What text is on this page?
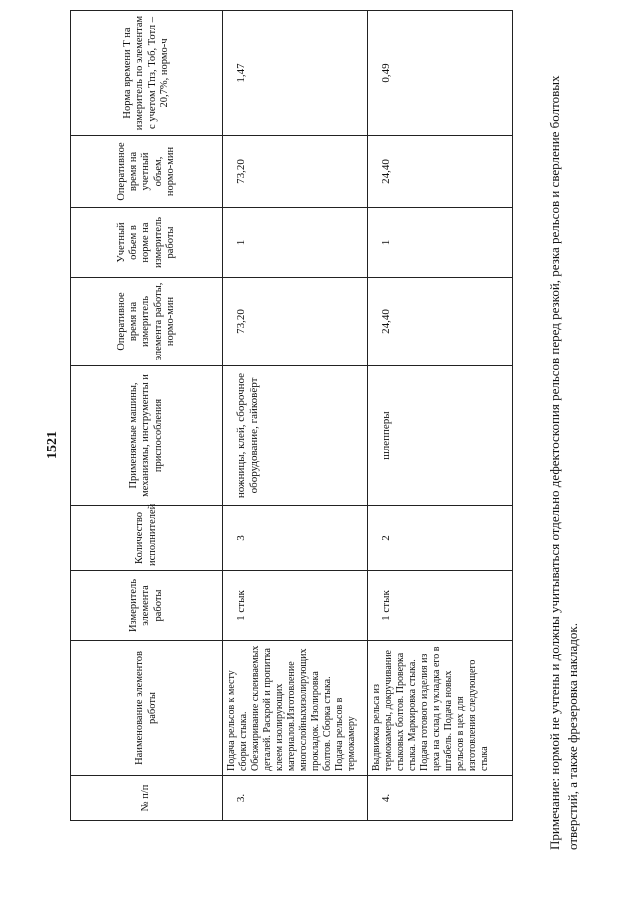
1521
№ п/п	Наименование элементов работы	Измеритель элемента работы	Количество исполнителей	Применяемые машины, механизмы, инструменты и приспособления	Оперативное время на измеритель элемента работы, нормо-мин	Учетный объем в норме на измеритель работы	Оперативное время на учетный объем, нормо-мин	Норма времени Т на измеритель по элементам с учетом Тпз, Тоб, Тотл – 20,7%, нормо-ч
3.	Подача рельсов к месту сборки стыка. Обезжиривание склеиваемых деталей. Раскрой и пропитка клеем изолирующих материалов.Изготовление многослойныхизолирующих прокладок. Изолировка болтов. Сборка стыка. Подача рельсов в термокамеру	1 стык	3	ножницы, клей, сборочное оборудование, гайковёрт	73,20	1	73,20	1,47
4.	Выдвижка рельса из термокамеры, докручивание стыковых болтов. Проверка стыка. Маркировка стыка. Подача готового изделия из цеха на склад и укладка его в штабель. Подача новых рельсов в цех для изготовления следующего стыка	1 стык	2	шлепперы	24,40	1	24,40	0,49
Примечание: нормой не учтены и должны учитываться отдельно дефектоскопия рельсов перед резкой, резка рельсов и сверление болтовых отверстий, а также фрезеровка накладок.
